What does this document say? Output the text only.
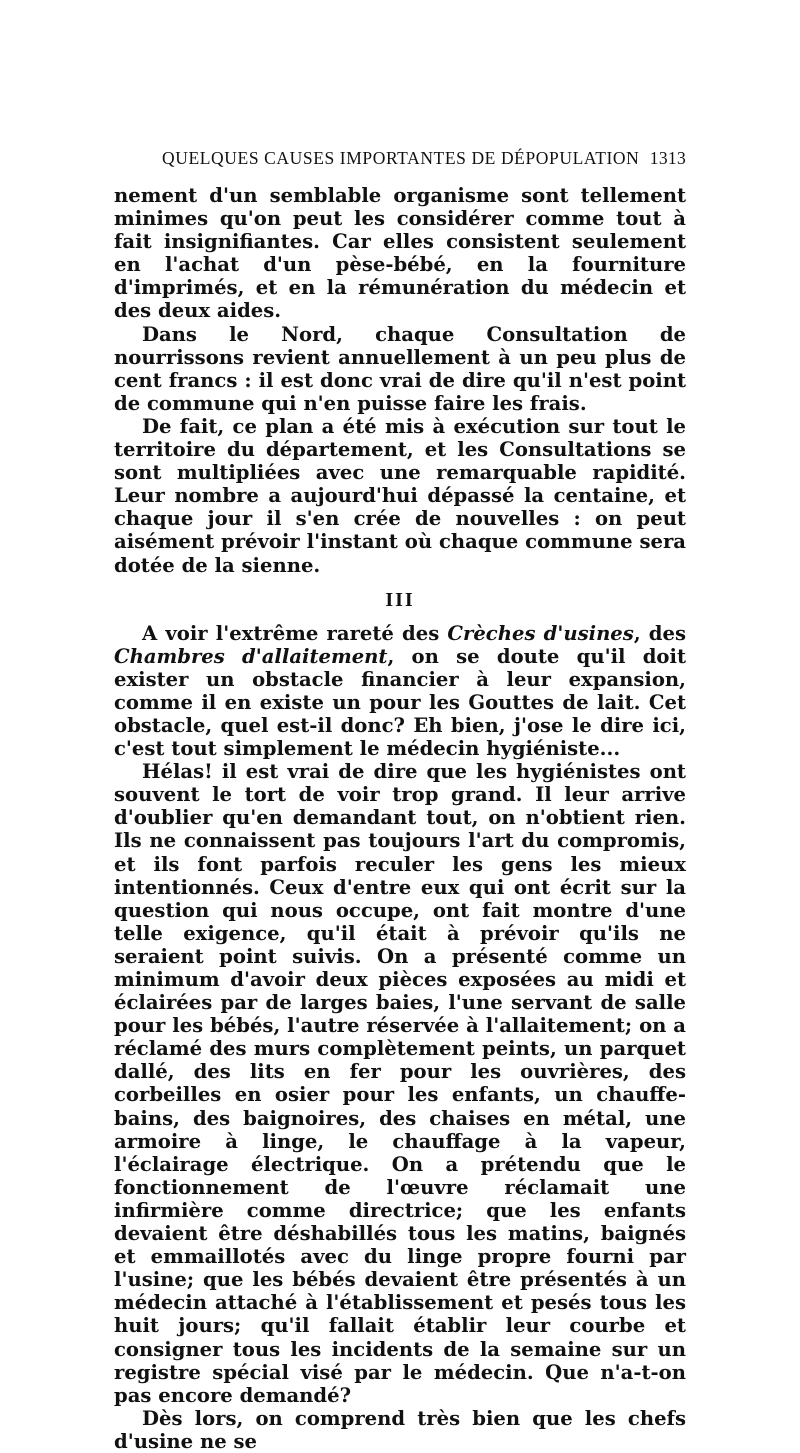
QUELQUES CAUSES IMPORTANTES DE DÉPOPULATION 1313

nement d'un semblable organisme sont tellement minimes qu'on peut les considérer comme tout à fait insignifiantes. Car elles consistent seulement en l'achat d'un pèse-bébé, en la fourniture d'imprimés, et en la rémunération du médecin et des deux aides.

Dans le Nord, chaque Consultation de nourrissons revient annuellement à un peu plus de cent francs : il est donc vrai de dire qu'il n'est point de commune qui n'en puisse faire les frais.

De fait, ce plan a été mis à exécution sur tout le territoire du département, et les Consultations se sont multipliées avec une remarquable rapidité. Leur nombre a aujourd'hui dépassé la centaine, et chaque jour il s'en crée de nouvelles : on peut aisément prévoir l'instant où chaque commune sera dotée de la sienne.

III

A voir l'extrême rareté des Crèches d'usines, des Chambres d'allaitement, on se doute qu'il doit exister un obstacle financier à leur expansion, comme il en existe un pour les Gouttes de lait. Cet obstacle, quel est-il donc? Eh bien, j'ose le dire ici, c'est tout simplement le médecin hygiéniste...

Hélas! il est vrai de dire que les hygiénistes ont souvent le tort de voir trop grand. Il leur arrive d'oublier qu'en demandant tout, on n'obtient rien. Ils ne connaissent pas toujours l'art du compromis, et ils font parfois reculer les gens les mieux intentionnés. Ceux d'entre eux qui ont écrit sur la question qui nous occupe, ont fait montre d'une telle exigence, qu'il était à prévoir qu'ils ne seraient point suivis. On a présenté comme un minimum d'avoir deux pièces exposées au midi et éclairées par de larges baies, l'une servant de salle pour les bébés, l'autre réservée à l'allaitement; on a réclamé des murs complètement peints, un parquet dallé, des lits en fer pour les ouvrières, des corbeilles en osier pour les enfants, un chauffe-bains, des baignoires, des chaises en métal, une armoire à linge, le chauffage à la vapeur, l'éclairage électrique. On a prétendu que le fonctionnement de l'œuvre réclamait une infirmière comme directrice; que les enfants devaient être déshabillés tous les matins, baignés et emmaillotés avec du linge propre fourni par l'usine; que les bébés devaient être présentés à un médecin attaché à l'établissement et pesés tous les huit jours; qu'il fallait établir leur courbe et consigner tous les incidents de la semaine sur un registre spécial visé par le médecin. Que n'a-t-on pas encore demandé?

Dès lors, on comprend très bien que les chefs d'usine ne se
